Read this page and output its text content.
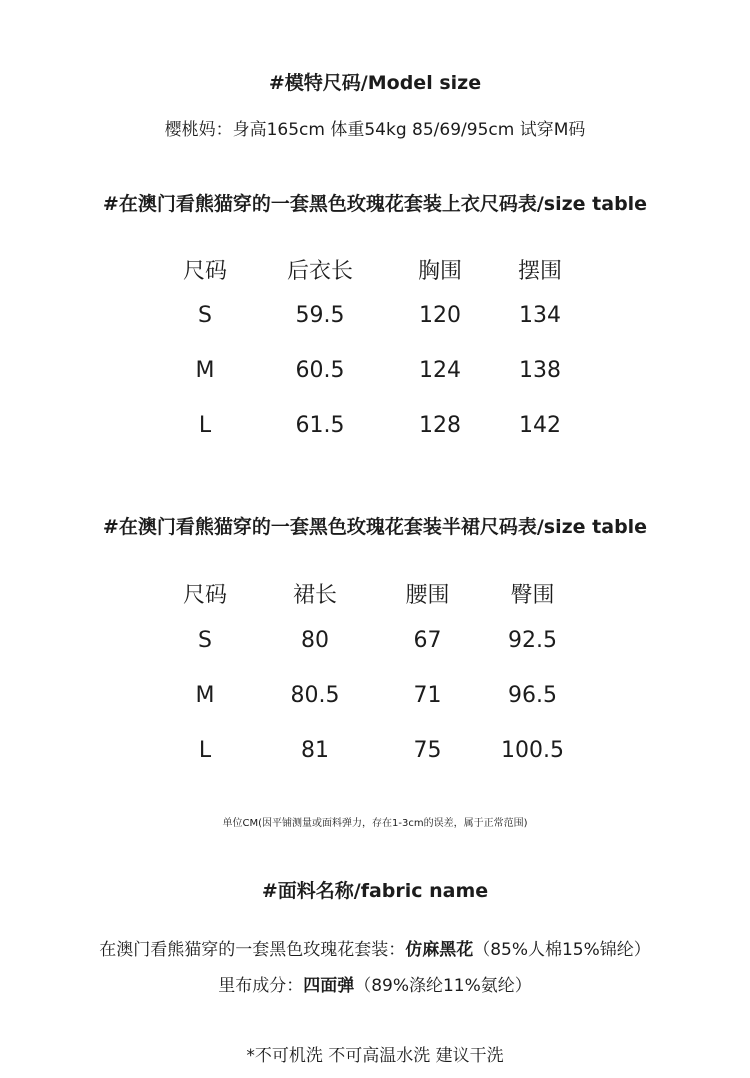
#模特尺码/Model size
樱桃妈：身高165cm 体重54kg 85/69/95cm 试穿M码
#在澳门看熊猫穿的一套黑色玫瑰花套装上衣尺码表/size table
尺码	后衣长	胸围	摆围
S	59.5	120	134
M	60.5	124	138
L	61.5	128	142
#在澳门看熊猫穿的一套黑色玫瑰花套装半裙尺码表/size table
尺码	裙长	腰围	臀围
S	80	67	92.5
M	80.5	71	96.5
L	81	75	100.5
单位CM(因平铺测量或面料弹力，存在1-3cm的误差，属于正常范围)
#面料名称/fabric name
在澳门看熊猫穿的一套黑色玫瑰花套装：仿麻黑花（85%人棉15%锦纶）
里布成分：四面弹（89%涤纶11%氨纶）
*不可机洗 不可高温水洗 建议干洗
